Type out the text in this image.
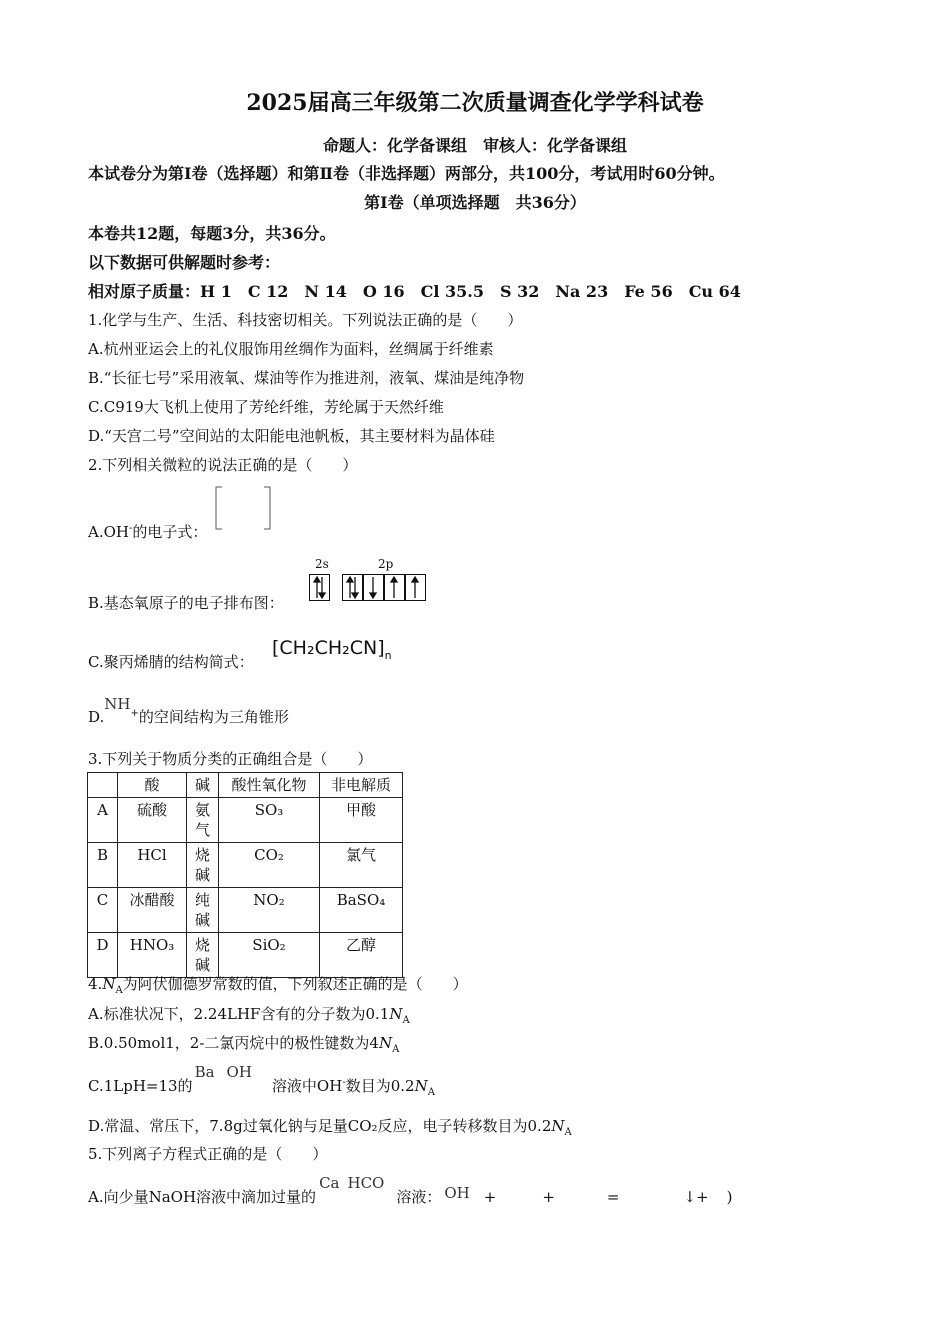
2025届高三年级第二次质量调查化学学科试卷
命题人：化学备课组　审核人：化学备课组
本试卷分为第Ⅰ卷（选择题）和第Ⅱ卷（非选择题）两部分，共100分，考试用时60分钟。
第Ⅰ卷（单项选择题　共36分）
本卷共12题，每题3分，共36分。
以下数据可供解题时参考：
相对原子质量：H 1　C 12　N 14　O 16　Cl 35.5　S 32　Na 23　Fe 56　Cu 64
1.化学与生产、生活、科技密切相关。下列说法正确的是（　　）
A.杭州亚运会上的礼仪服饰用丝绸作为面料，丝绸属于纤维素
B.“长征七号”采用液氧、煤油等作为推进剂，液氧、煤油是纯净物
C.C919大飞机上使用了芳纶纤维，芳纶属于天然纤维
D.“天宫二号”空间站的太阳能电池帆板，其主要材料为晶体硅
2.下列相关微粒的说法正确的是（　　）
A.OH-的电子式：
2s	2p
B.基态氧原子的电子排布图：
C.聚丙烯腈的结构简式：
$[CH_2CH_2CN]_n$
D.NH+的空间结构为三角锥形
3.下列关于物质分类的正确组合是（　　）
	酸	碱	酸性氧化物	非电解质
A	硫酸	氨气	SO₃	甲酸
B	HCl	烧碱	CO₂	氯气
C	冰醋酸	纯碱	NO₂	BaSO₄
D	HNO₃	烧碱	SiO₂	乙醇
$4.N_A$为阿伏伽德罗常数的值，下列叙述正确的是（　　）
A.标准状况下，2.24LHF含有的分子数为$0.1N_A$
B.0.50mol1，2-二氯丙烷中的极性键数为$4N_A$
C.1LpH=13的Ba OH溶液中OH-数目为$0.2N_A$
D.常温、常压下，7.8g过氧化钠与足量CO₂反应，电子转移数目为$0.2N_A$
5.下列离子方程式正确的是（　　）
A.向少量NaOH溶液中滴加过量的Ca HCO溶液： OH +	+	=	↓+ )
